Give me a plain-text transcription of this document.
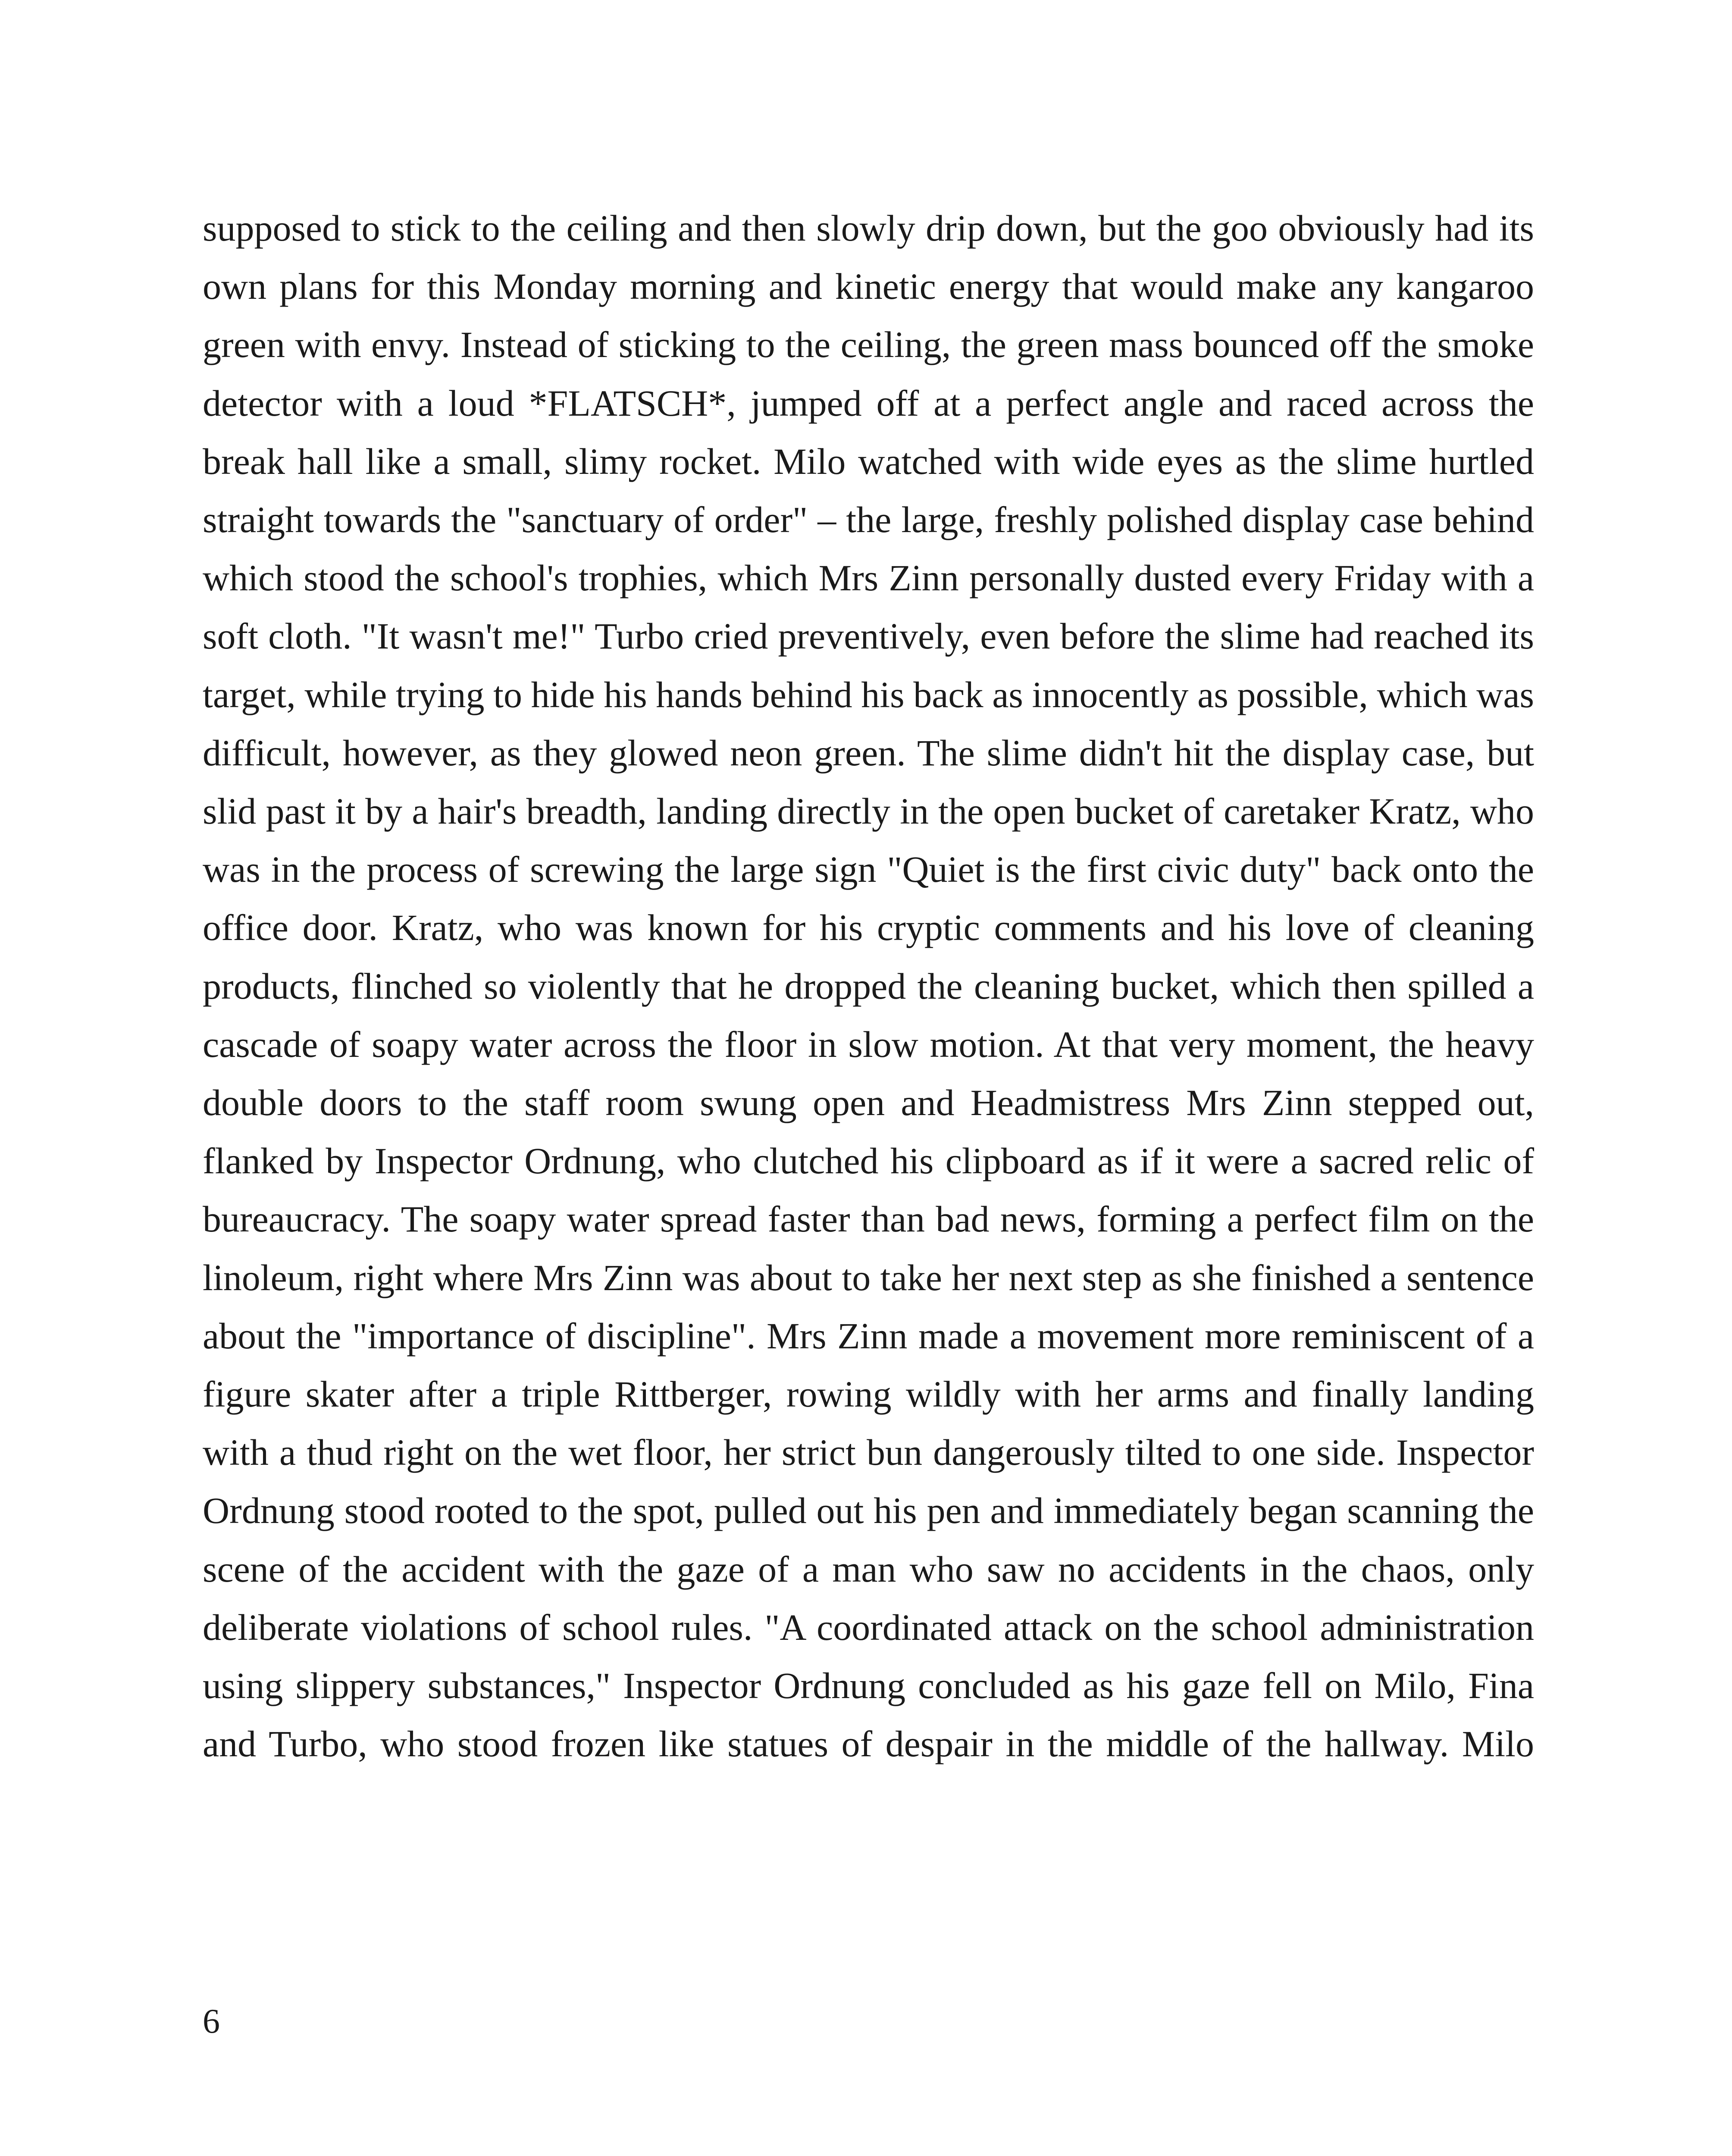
supposed to stick to the ceiling and then slowly drip down, but the goo obviously had its own plans for this Monday morning and kinetic energy that would make any kangaroo green with envy. Instead of sticking to the ceiling, the green mass bounced off the smoke detector with a loud *FLATSCH*, jumped off at a perfect angle and raced across the break hall like a small, slimy rocket. Milo watched with wide eyes as the slime hurtled straight towards the "sanctuary of order" – the large, freshly polished display case behind which stood the school's trophies, which Mrs Zinn personally dusted every Friday with a soft cloth. "It wasn't me!" Turbo cried preventively, even before the slime had reached its target, while trying to hide his hands behind his back as innocently as possible, which was difficult, however, as they glowed neon green. The slime didn't hit the display case, but slid past it by a hair's breadth, landing directly in the open bucket of caretaker Kratz, who was in the process of screwing the large sign "Quiet is the first civic duty" back onto the office door. Kratz, who was known for his cryptic comments and his love of cleaning products, flinched so violently that he dropped the cleaning bucket, which then spilled a cascade of soapy water across the floor in slow motion. At that very moment, the heavy double doors to the staff room swung open and Headmistress Mrs Zinn stepped out, flanked by Inspector Ordnung, who clutched his clipboard as if it were a sacred relic of bureaucracy. The soapy water spread faster than bad news, forming a perfect film on the linoleum, right where Mrs Zinn was about to take her next step as she finished a sentence about the "importance of discipline". Mrs Zinn made a movement more reminiscent of a figure skater after a triple Rittberger, rowing wildly with her arms and finally landing with a thud right on the wet floor, her strict bun dangerously tilted to one side. Inspector Ordnung stood rooted to the spot, pulled out his pen and immediately began scanning the scene of the accident with the gaze of a man who saw no accidents in the chaos, only deliberate violations of school rules. "A coordinated attack on the school administration using slippery substances," Inspector Ordnung concluded as his gaze fell on Milo, Fina and Turbo, who stood frozen like statues of despair in the middle of the hallway. Milo

6
